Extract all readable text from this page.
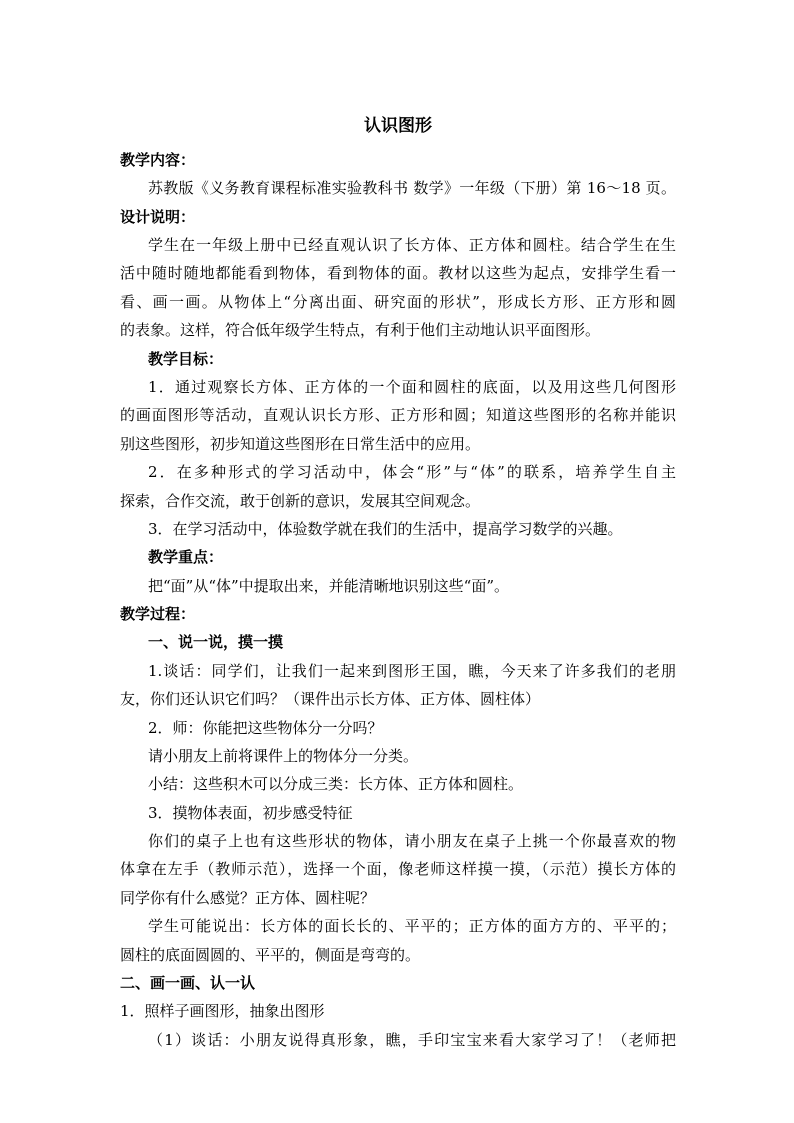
认识图形
教学内容：
苏教版《义务教育课程标准实验教科书 数学》一年级（下册）第 16～18 页。
设计说明：
学生在一年级上册中已经直观认识了长方体、正方体和圆柱。结合学生在生
活中随时随地都能看到物体，看到物体的面。教材以这些为起点，安排学生看一
看、画一画。从物体上“分离出面、研究面的形状”，形成长方形、正方形和圆
的表象。这样，符合低年级学生特点，有利于他们主动地认识平面图形。
教学目标：
1．通过观察长方体、正方体的一个面和圆柱的底面，以及用这些几何图形
的画面图形等活动，直观认识长方形、正方形和圆；知道这些图形的名称并能识
别这些图形，初步知道这些图形在日常生活中的应用。
2．在多种形式的学习活动中，体会“形”与“体”的联系，培养学生自主
探索，合作交流，敢于创新的意识，发展其空间观念。
3．在学习活动中，体验数学就在我们的生活中，提高学习数学的兴趣。
教学重点：
把“面”从“体”中提取出来，并能清晰地识别这些“面”。
教学过程：
一、说一说，摸一摸
1.谈话：同学们，让我们一起来到图形王国，瞧，今天来了许多我们的老朋
友，你们还认识它们吗？（课件出示长方体、正方体、圆柱体）
2．师：你能把这些物体分一分吗？
请小朋友上前将课件上的物体分一分类。
小结：这些积木可以分成三类：长方体、正方体和圆柱。
3．摸物体表面，初步感受特征
你们的桌子上也有这些形状的物体，请小朋友在桌子上挑一个你最喜欢的物
体拿在左手（教师示范），选择一个面，像老师这样摸一摸，（示范）摸长方体的
同学你有什么感觉？正方体、圆柱呢？
学生可能说出：长方体的面长长的、平平的；正方体的面方方的、平平的；
圆柱的底面圆圆的、平平的，侧面是弯弯的。
二、画一画、认一认
1．照样子画图形，抽象出图形
（1）谈话：小朋友说得真形象，瞧，手印宝宝来看大家学习了！（老师把
